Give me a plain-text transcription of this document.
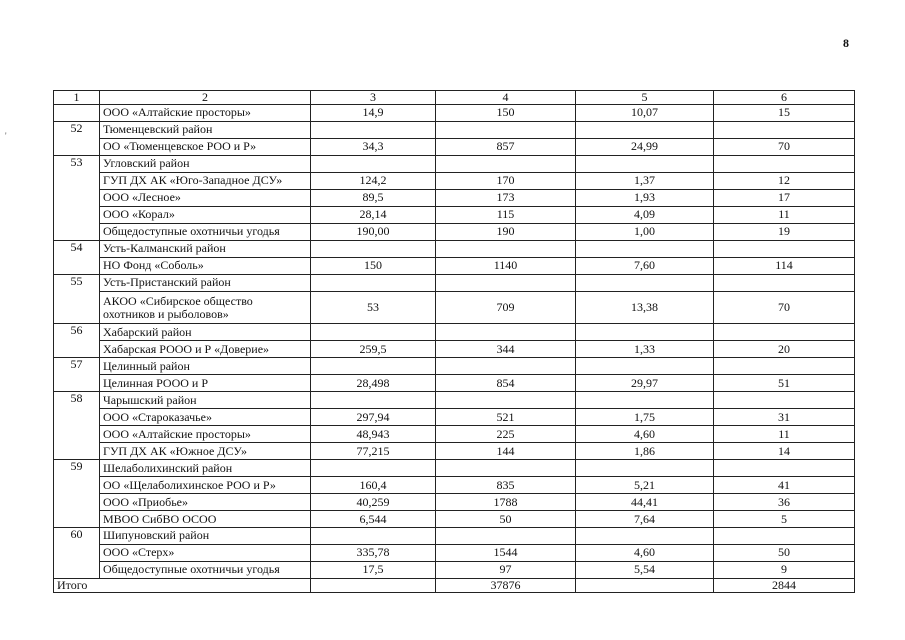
8
'
1	2	3	4	5	6
	ООО «Алтайские просторы»	14,9	150	10,07	15
52	Тюменцевский район				
	ОО «Тюменцевское РОО и Р»	34,3	857	24,99	70
53	Угловский район				
	ГУП ДХ АК «Юго-Западное ДСУ»	124,2	170	1,37	12
	ООО «Лесное»	89,5	173	1,93	17
	ООО «Корал»	28,14	115	4,09	11
	Общедоступные охотничьи угодья	190,00	190	1,00	19
54	Усть-Калманский район				
	НО Фонд «Соболь»	150	1140	7,60	114
55	Усть-Пристанский район				
	АКОО «Сибирское общество охотников и рыболовов»	53	709	13,38	70
56	Хабарский район				
	Хабарская РООО и Р «Доверие»	259,5	344	1,33	20
57	Целинный район				
	Целинная РООО и Р	28,498	854	29,97	51
58	Чарышский район				
	ООО «Староказачье»	297,94	521	1,75	31
	ООО «Алтайские просторы»	48,943	225	4,60	11
	ГУП ДХ АК «Южное ДСУ»	77,215	144	1,86	14
59	Шелаболихинский район				
	ОО «Щелаболихинское РОО и Р»	160,4	835	5,21	41
	ООО «Приобье»	40,259	1788	44,41	36
	МВОО СибВО ОСОО	6,544	50	7,64	5
60	Шипуновский район				
	ООО «Стерх»	335,78	1544	4,60	50
	Общедоступные охотничьи угодья	17,5	97	5,54	9
Итого			37876		2844
